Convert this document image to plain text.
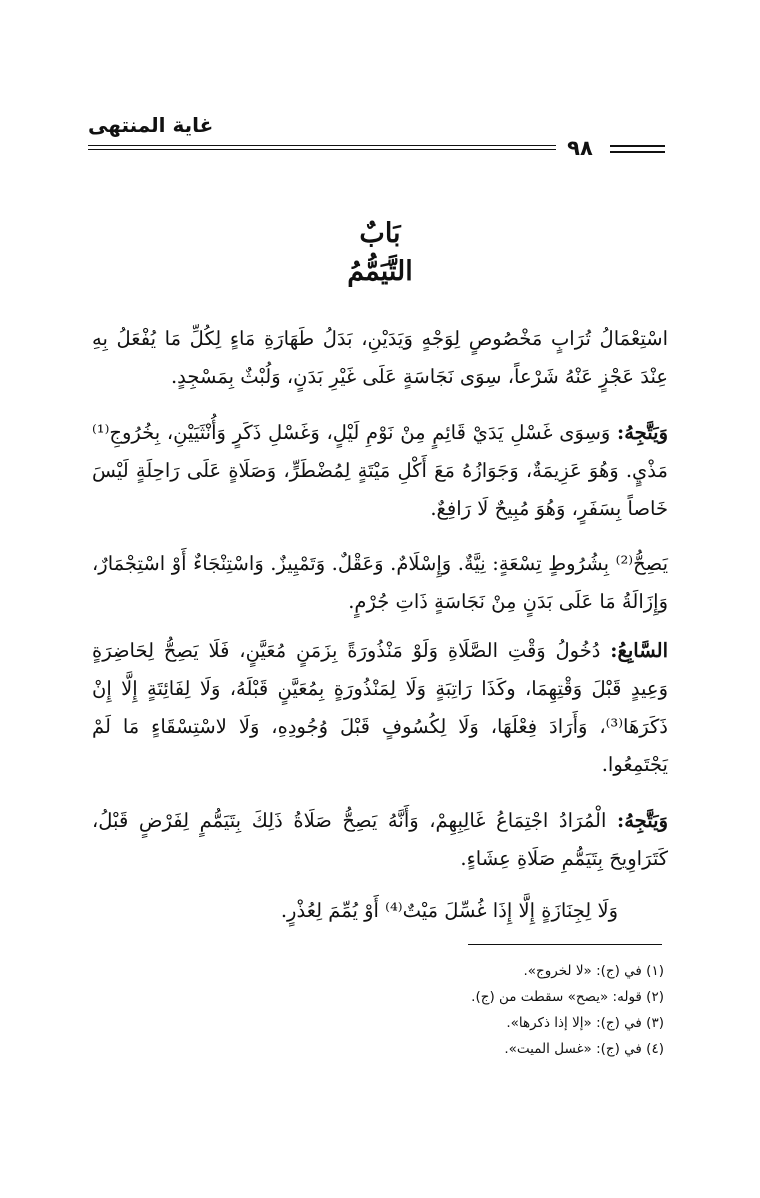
غاية المنتهى
٩٨
بَابٌ
التَّيَمُّمُ
اسْتِعْمَالُ تُرَابٍ مَخْصُوصٍ لِوَجْهٍ وَيَدَيْنِ، بَدَلُ طَهَارَةِ مَاءٍ لِكُلِّ مَا يُفْعَلُ بِهِ عِنْدَ عَجْزٍ عَنْهُ شَرْعاً، سِوَى نَجَاسَةٍ عَلَى غَيْرِ بَدَنٍ، وَلُبْثٌ بِمَسْجِدٍ.
وَيَتَّجِهُ: وَسِوَى غَسْلِ يَدَيْ قَائِمٍ مِنْ نَوْمِ لَيْلٍ، وَغَسْلِ ذَكَرٍ وَأُنْثَيَيْنِ، بِخُرُوجِ⁽¹⁾ مَذْيٍ. وَهُوَ عَزِيمَةٌ، وَجَوَازُهُ مَعَ أَكْلِ مَيْتَةٍ لِمُضْطَرٍّ، وَصَلَاةٍ عَلَى رَاحِلَةٍ لَيْسَ خَاصاً بِسَفَرٍ، وَهُوَ مُبِيحٌ لَا رَافِعٌ.
يَصِحُّ⁽²⁾ بِشُرُوطٍ تِسْعَةٍ: نِيَّةٌ. وَإِسْلَامٌ. وَعَقْلٌ. وَتَمْيِيزٌ. وَاسْتِنْجَاءٌ أَوْ اسْتِجْمَارٌ، وَإِزَالَةُ مَا عَلَى بَدَنٍ مِنْ نَجَاسَةٍ ذَاتِ جُرْمٍ.
السَّابِعُ: دُخُولُ وَقْتِ الصَّلَاةِ وَلَوْ مَنْذُورَةً بِزَمَنٍ مُعَيَّنٍ، فَلَا يَصِحُّ لِحَاضِرَةٍ وَعِيدٍ قَبْلَ وَقْتِهِمَا، وكَذَا رَاتِبَةٍ وَلَا لِمَنْذُورَةٍ بِمُعَيَّنٍ قَبْلَهُ، وَلَا لِفَائِتَةٍ إِلَّا إِنْ ذَكَرَهَا⁽³⁾، وَأَرَادَ فِعْلَهَا، وَلَا لِكُسُوفٍ قَبْلَ وُجُودِهِ، وَلَا لاسْتِسْقَاءٍ مَا لَمْ يَجْتَمِعُوا.
وَيَتَّجِهُ: الْمُرَادُ اجْتِمَاعُ غَالِبِهِمْ، وَأَنَّهُ يَصِحُّ صَلَاةُ ذَلِكَ بِتَيَمُّمٍ لِفَرْضٍ قَبْلُ، كَتَرَاوِيحَ بِتَيَمُّمِ صَلَاةِ عِشَاءٍ.
وَلَا لِجِنَازَةٍ إِلَّا إِذَا غُسِّلَ مَيْتٌ⁽⁴⁾ أَوْ يُمِّمَ لِعُذْرٍ.
(١) في (ج): «لا لخروج».
(٢) قوله: «يصح» سقطت من (ج).
(٣) في (ج): «إلا إذا ذكرها».
(٤) في (ج): «غسل الميت».
